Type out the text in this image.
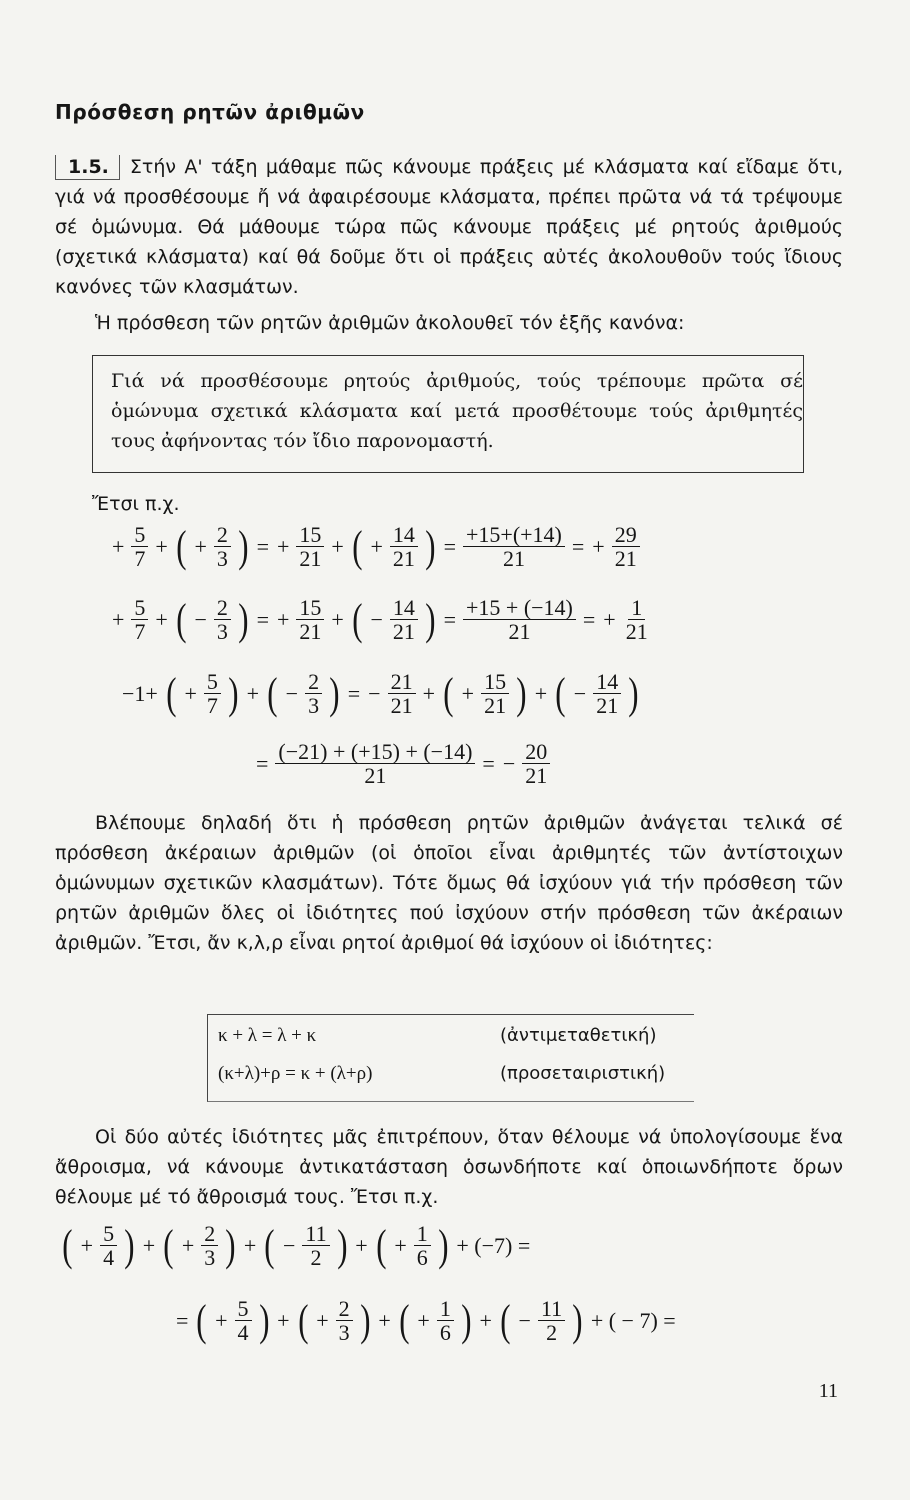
Πρόσθεση ρητῶν ἀριθμῶν

1.5. Στήν Α' τάξη μάθαμε πῶς κάνουμε πράξεις μέ κλάσματα καί εἴδαμε ὅτι, γιά νά προσθέσουμε ἤ νά ἀφαιρέσουμε κλάσματα, πρέπει πρῶτα νά τά τρέψουμε σέ ὁμώνυμα. Θά μάθουμε τώρα πῶς κάνουμε πράξεις μέ ρητούς ἀριθμούς (σχετικά κλάσματα) καί θά δοῦμε ὅτι οἱ πράξεις αὐτές ἀκολουθοῦν τούς ἴδιους κανόνες τῶν κλασμάτων.

Ἡ πρόσθεση τῶν ρητῶν ἀριθμῶν ἀκολουθεῖ τόν ἑξῆς κανόνα:

Γιά νά προσθέσουμε ρητούς ἀριθμούς, τούς τρέπουμε πρῶτα σέ ὁμώνυμα σχετικά κλάσματα καί μετά προσθέτουμε τούς ἀριθμητές τους ἀφήνοντας τόν ἴδιο παρονομαστή.
Ἔτσι π.χ.
+ $\frac{5}{7}$ + ( + $\frac{2}{3}$ ) = + $\frac{15}{21}$ + ( + $\frac{14}{21}$ ) = $\frac{+15+(+14)}{21}$ = + $\frac{29}{21}$
+ $\frac{5}{7}$ + ( − $\frac{2}{3}$ ) = + $\frac{15}{21}$ + ( − $\frac{14}{21}$ ) = $\frac{+15 + (-14)}{21}$ = + $\frac{1}{21}$
−1+ ( + $\frac{5}{7}$ ) + ( − $\frac{2}{3}$ ) = − $\frac{21}{21}$ + ( + $\frac{15}{21}$ ) + ( − $\frac{14}{21}$ )
= $\frac{(-21) + (+15) + (-14)}{21}$ = − $\frac{20}{21}$

Βλέπουμε δηλαδή ὅτι ἡ πρόσθεση ρητῶν ἀριθμῶν ἀνάγεται τελικά σέ πρόσθεση ἀκέραιων ἀριθμῶν (οἱ ὁποῖοι εἶναι ἀριθμητές τῶν ἀντίστοιχων ὁμώνυμων σχετικῶν κλασμάτων). Τότε ὅμως θά ἰσχύουν γιά τήν πρόσθεση τῶν ρητῶν ἀριθμῶν ὅλες οἱ ἰδιότητες πού ἰσχύουν στήν πρόσθεση τῶν ἀκέραιων ἀριθμῶν. Ἔτσι, ἄν κ,λ,ρ εἶναι ρητοί ἀριθμοί θά ἰσχύουν οἱ ἰδιότητες:

κ + λ = λ + κ	(ἀντιμεταθετική)
(κ+λ)+ρ = κ + (λ+ρ)	(προσεταιριστική)

Οἱ δύο αὐτές ἰδιότητες μᾶς ἐπιτρέπουν, ὅταν θέλουμε νά ὑπολογίσουμε ἕνα ἄθροισμα, νά κάνουμε ἀντικατάσταση ὁσωνδήποτε καί ὁποιωνδήποτε ὅρων θέλουμε μέ τό ἄθροισμά τους. Ἔτσι π.χ.

( + $\frac{5}{4}$ ) + ( + $\frac{2}{3}$ ) + ( − $\frac{11}{2}$ ) + ( + $\frac{1}{6}$ ) + (−7) =
= ( + $\frac{5}{4}$ ) + ( + $\frac{2}{3}$ ) + ( + $\frac{1}{6}$ ) + ( − $\frac{11}{2}$ ) + ( − 7) =
11
